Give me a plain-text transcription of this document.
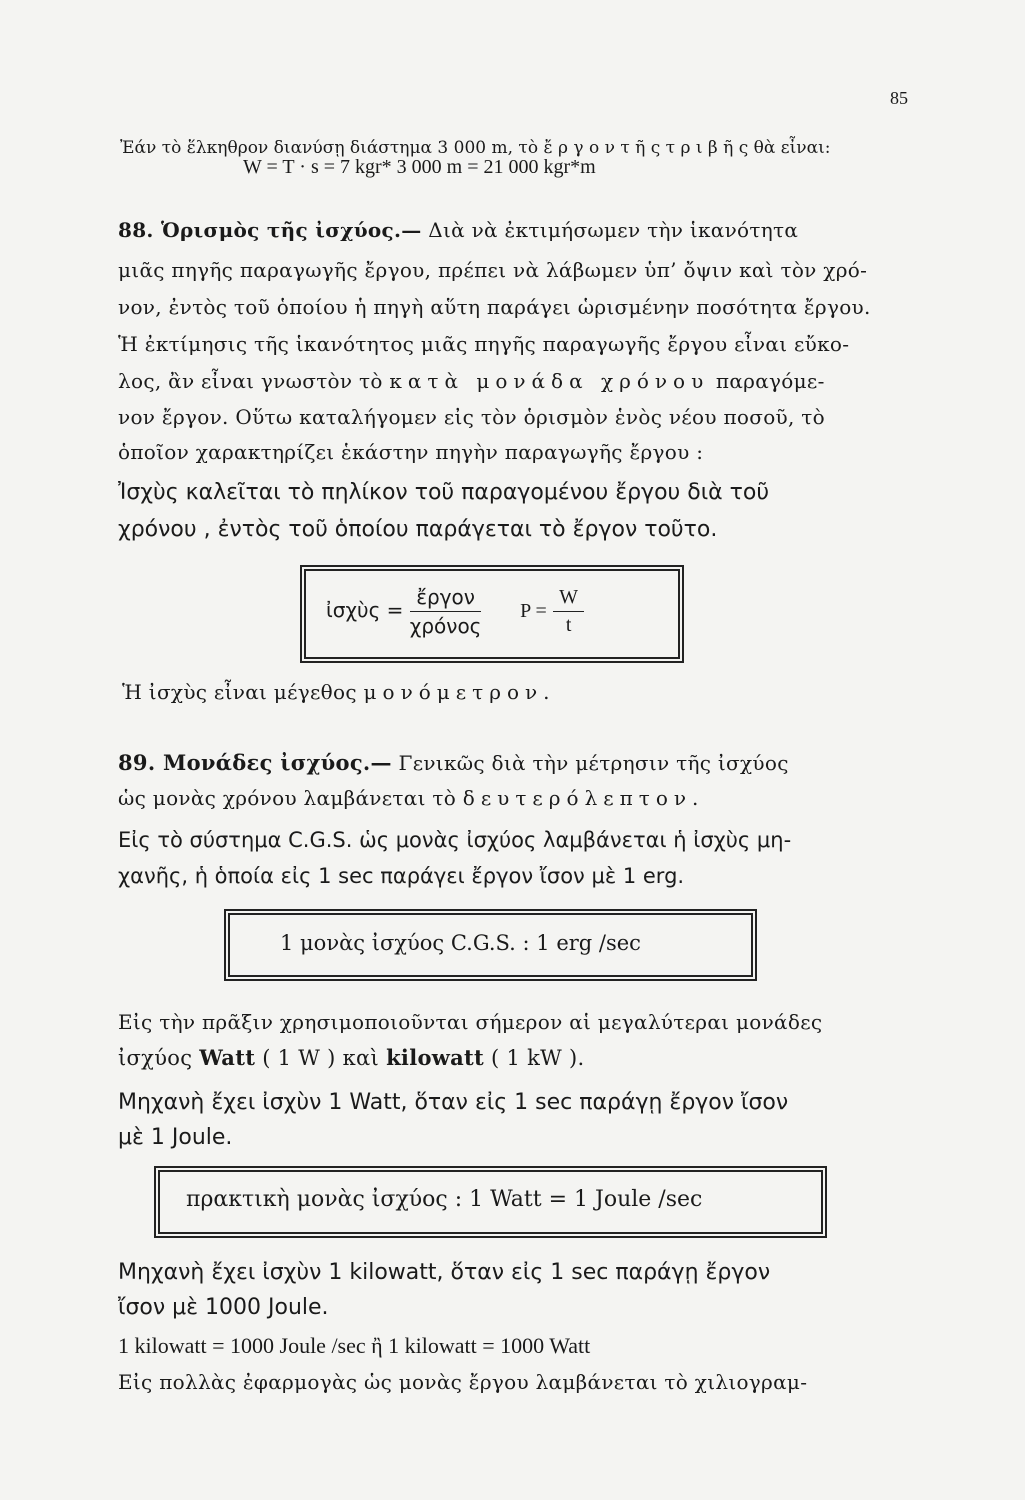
85
Ἐάν τὸ ἕλκηθρον διανύσῃ διάστημα 3 000 m, τὸ ἔ ρ γ ο ν τ ῆ ς τ ρ ι β ῆ ς θὰ εἶναι:
W = T · s = 7 kgr* 3 000 m = 21 000 kgr*m
88. Ὁρισμὸς τῆς ἰσχύος.— Διὰ νὰ ἐκτιμήσωμεν τὴν ἱκανότητα
μιᾶς πηγῆς παραγωγῆς ἔργου, πρέπει νὰ λάβωμεν ὑπ’ ὄψιν καὶ τὸν χρό-
νον, ἐντὸς τοῦ ὁποίου ἡ πηγὴ αὕτη παράγει ὡρισμένην ποσότητα ἔργου.
Ἡ ἐκτίμησις τῆς ἱκανότητος μιᾶς πηγῆς παραγωγῆς ἔργου εἶναι εὔκο-
λος, ἂν εἶναι γνωστὸν τὸ κατὰ μονάδα χρόνου παραγόμε-
νον ἔργον. Οὕτω καταλήγομεν εἰς τὸν ὁρισμὸν ἑνὸς νέου ποσοῦ, τὸ
ὁποῖον χαρακτηρίζει ἑκάστην πηγὴν παραγωγῆς ἔργου :
Ἰσχὺς καλεῖται τὸ πηλίκον τοῦ παραγομένου ἔργου διὰ τοῦ
χρόνου , ἐντὸς τοῦ ὁποίου παράγεται τὸ ἔργον τοῦτο.
ἰσχὺς = $\frac{\text{ἔργον}}{\text{χρόνος}}$ $P = \frac{W}{t}$
Ἡ ἰσχὺς εἶναι μέγεθος μονόμετρον.
89. Μονάδες ἰσχύος.— Γενικῶς διὰ τὴν μέτρησιν τῆς ἰσχύος
ὡς μονὰς χρόνου λαμβάνεται τὸ δευτερόλεπτον.
Εἰς τὸ σύστημα C.G.S. ὡς μονὰς ἰσχύος λαμβάνεται ἡ ἰσχὺς μη-
χανῆς, ἡ ὁποία εἰς 1 sec παράγει ἔργον ἴσον μὲ 1 erg.
1 μονὰς ἰσχύος C.G.S. : 1 erg /sec
Εἰς τὴν πρᾶξιν χρησιμοποιοῦνται σήμερον αἱ μεγαλύτεραι μονάδες
ἰσχύος Watt ( 1 W ) καὶ kilowatt ( 1 kW ).
Μηχανὴ ἔχει ἰσχὺν 1 Watt, ὅταν εἰς 1 sec παράγῃ ἔργον ἴσον
μὲ 1 Joule.
πρακτικὴ μονὰς ἰσχύος : 1 Watt = 1 Joule /sec
Μηχανὴ ἔχει ἰσχὺν 1 kilowatt, ὅταν εἰς 1 sec παράγῃ ἔργον
ἴσον μὲ 1000 Joule.
1 kilowatt = 1000 Joule /sec ἢ 1 kilowatt = 1000 Watt
Εἰς πολλὰς ἐφαρμογὰς ὡς μονὰς ἔργου λαμβάνεται τὸ χιλιογραμ-
